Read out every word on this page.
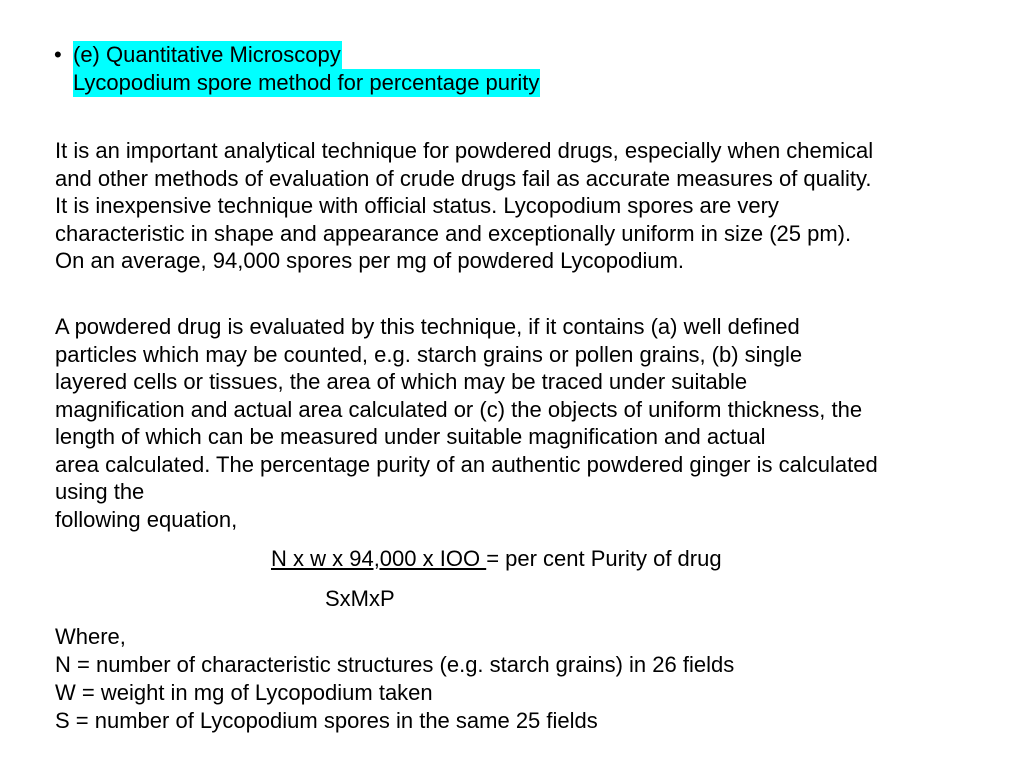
• (e) Quantitative Microscopy
Lycopodium spore method for percentage purity
It is an important analytical technique for powdered drugs, especially when chemical
and other methods of evaluation of crude drugs fail as accurate measures of quality.
It is inexpensive technique with official status. Lycopodium spores are very
characteristic in shape and appearance and exceptionally uniform in size (25 pm).
On an average, 94,000 spores per mg of powdered Lycopodium.
A powdered drug is evaluated by this technique, if it contains (a) well defined
particles which may be counted, e.g. starch grains or pollen grains, (b) single
layered cells or tissues, the area of which may be traced under suitable
magnification and actual area calculated or (c) the objects of uniform thickness, the
length of which can be measured under suitable magnification and actual
area calculated. The percentage purity of an authentic powdered ginger is calculated
using the
following equation,
N x w x 94,000 x IOO = per cent Purity of drug
SxMxP
Where,
N = number of characteristic structures (e.g. starch grains) in 26 fields
W = weight in mg of Lycopodium taken
S = number of Lycopodium spores in the same 25 fields
